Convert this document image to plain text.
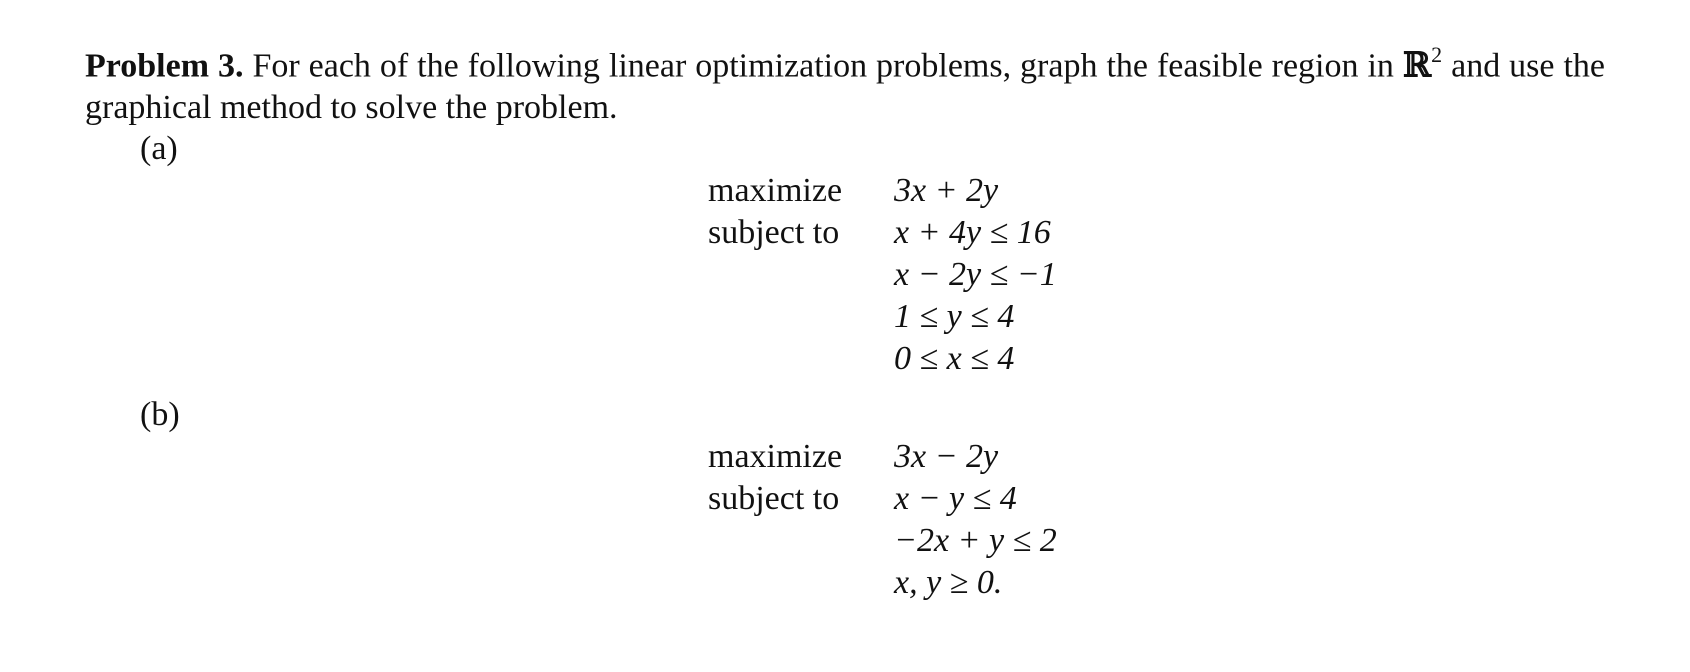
Problem 3. For each of the following linear optimization problems, graph the feasible region in ℝ$^2$ and use the graphical method to solve the problem.
(a)
maximize 3x + 2y
subject to x + 4y ≤ 16
x − 2y ≤ −1
1 ≤ y ≤ 4
0 ≤ x ≤ 4
(b)
maximize 3x − 2y
subject to x − y ≤ 4
−2x + y ≤ 2
x, y ≥ 0.
